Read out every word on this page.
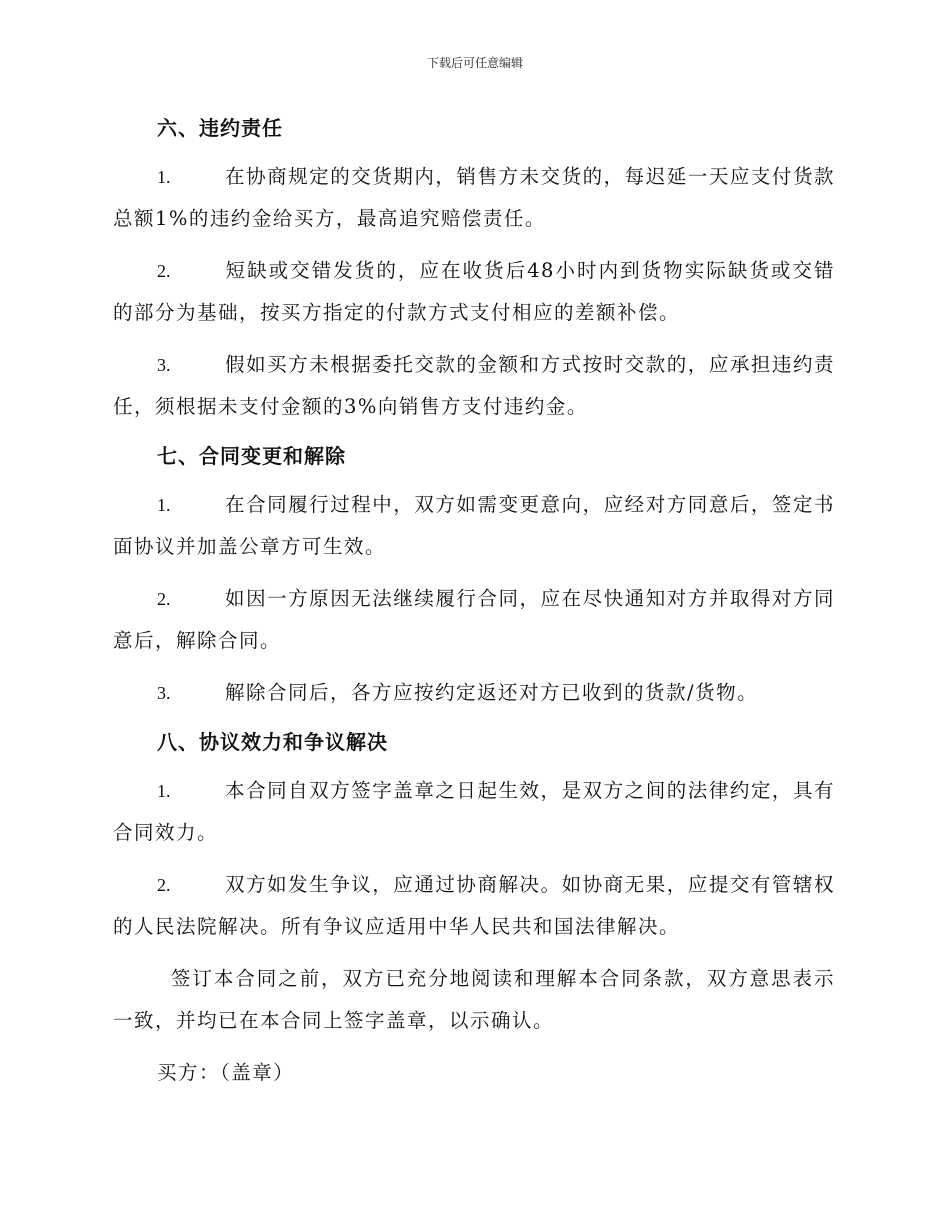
下载后可任意编辑
六、违约责任

1.	在协商规定的交货期内，销售方未交货的，每迟延一天应支付货款总额1%的违约金给买方，最高追究赔偿责任。

2.	短缺或交错发货的，应在收货后48小时内到货物实际缺货或交错的部分为基础，按买方指定的付款方式支付相应的差额补偿。

3.	假如买方未根据委托交款的金额和方式按时交款的，应承担违约责任，须根据未支付金额的3%向销售方支付违约金。

七、合同变更和解除

1.	在合同履行过程中，双方如需变更意向，应经对方同意后，签定书面协议并加盖公章方可生效。

2.	如因一方原因无法继续履行合同，应在尽快通知对方并取得对方同意后，解除合同。

3.	解除合同后，各方应按约定返还对方已收到的货款/货物。

八、协议效力和争议解决

1.	本合同自双方签字盖章之日起生效，是双方之间的法律约定，具有合同效力。

2.	双方如发生争议，应通过协商解决。如协商无果，应提交有管辖权的人民法院解决。所有争议应适用中华人民共和国法律解决。

签订本合同之前，双方已充分地阅读和理解本合同条款，双方意思表示一致，并均已在本合同上签字盖章，以示确认。

买方：（盖章）
